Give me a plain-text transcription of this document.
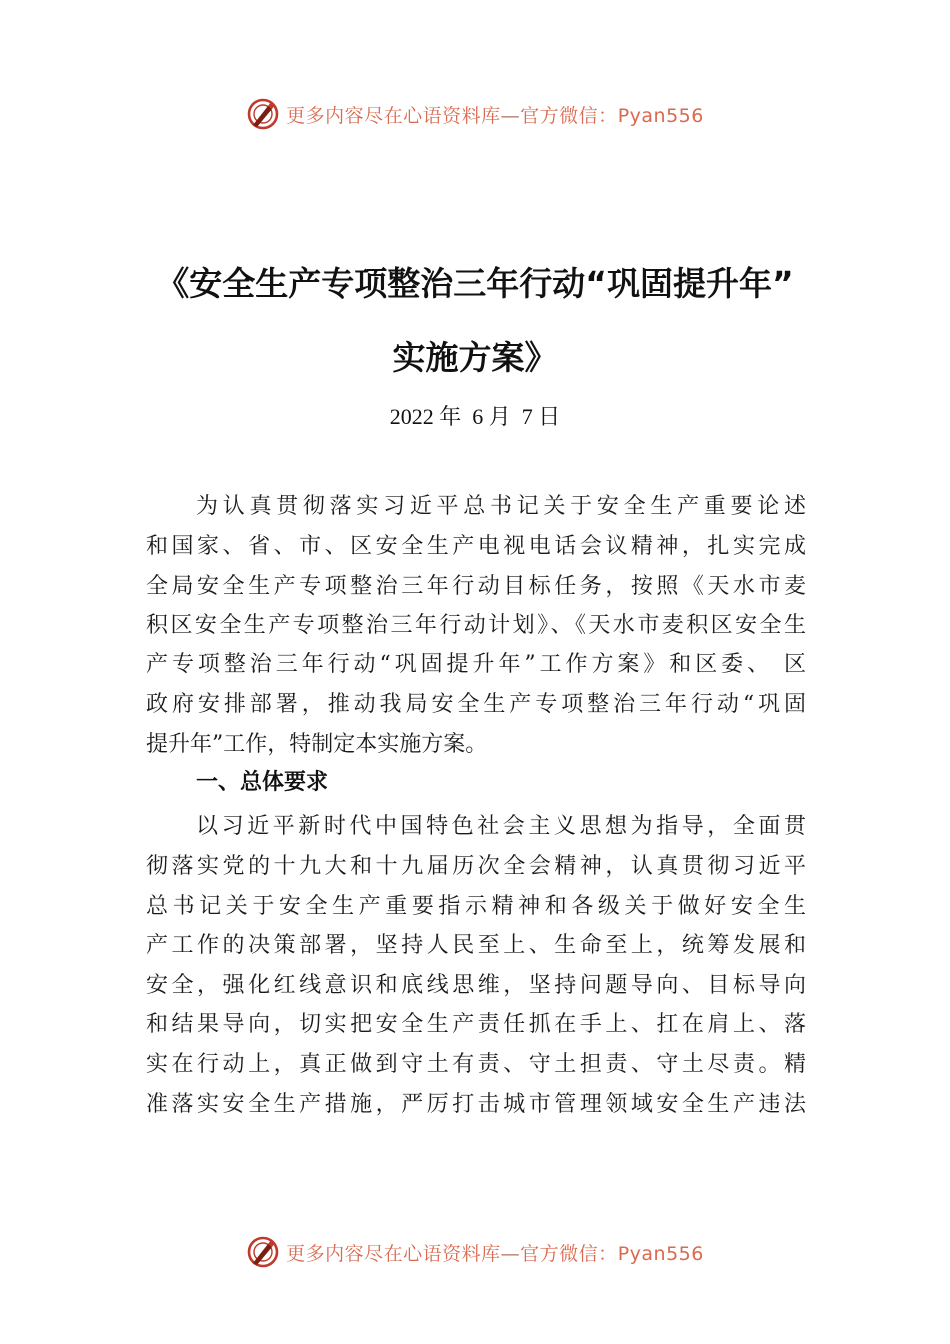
更多内容尽在心语资料库—官方微信：Pyan556
《安全生产专项整治三年行动“巩固提升年”
实施方案》
2022 年  6 月  7 日
为认真贯彻落实习近平总书记关于安全生产重要论述
和国家、省、市、区安全生产电视电话会议精神，扎实完成
全局安全生产专项整治三年行动目标任务，按照《天水市麦
积区安全生产专项整治三年行动计划》、《天水市麦积区安全生
产专项整治三年行动“巩固提升年”工作方案》和区委、 区
政府安排部署，推动我局安全生产专项整治三年行动“巩固
提升年”工作，特制定本实施方案。
一、总体要求
以习近平新时代中国特色社会主义思想为指导，全面贯
彻落实党的十九大和十九届历次全会精神，认真贯彻习近平
总书记关于安全生产重要指示精神和各级关于做好安全生
产工作的决策部署，坚持人民至上、生命至上，统筹发展和
安全，强化红线意识和底线思维，坚持问题导向、目标导向
和结果导向，切实把安全生产责任抓在手上、扛在肩上、落
实在行动上，真正做到守土有责、守土担责、守土尽责。精
准落实安全生产措施，严厉打击城市管理领域安全生产违法
更多内容尽在心语资料库—官方微信：Pyan556
